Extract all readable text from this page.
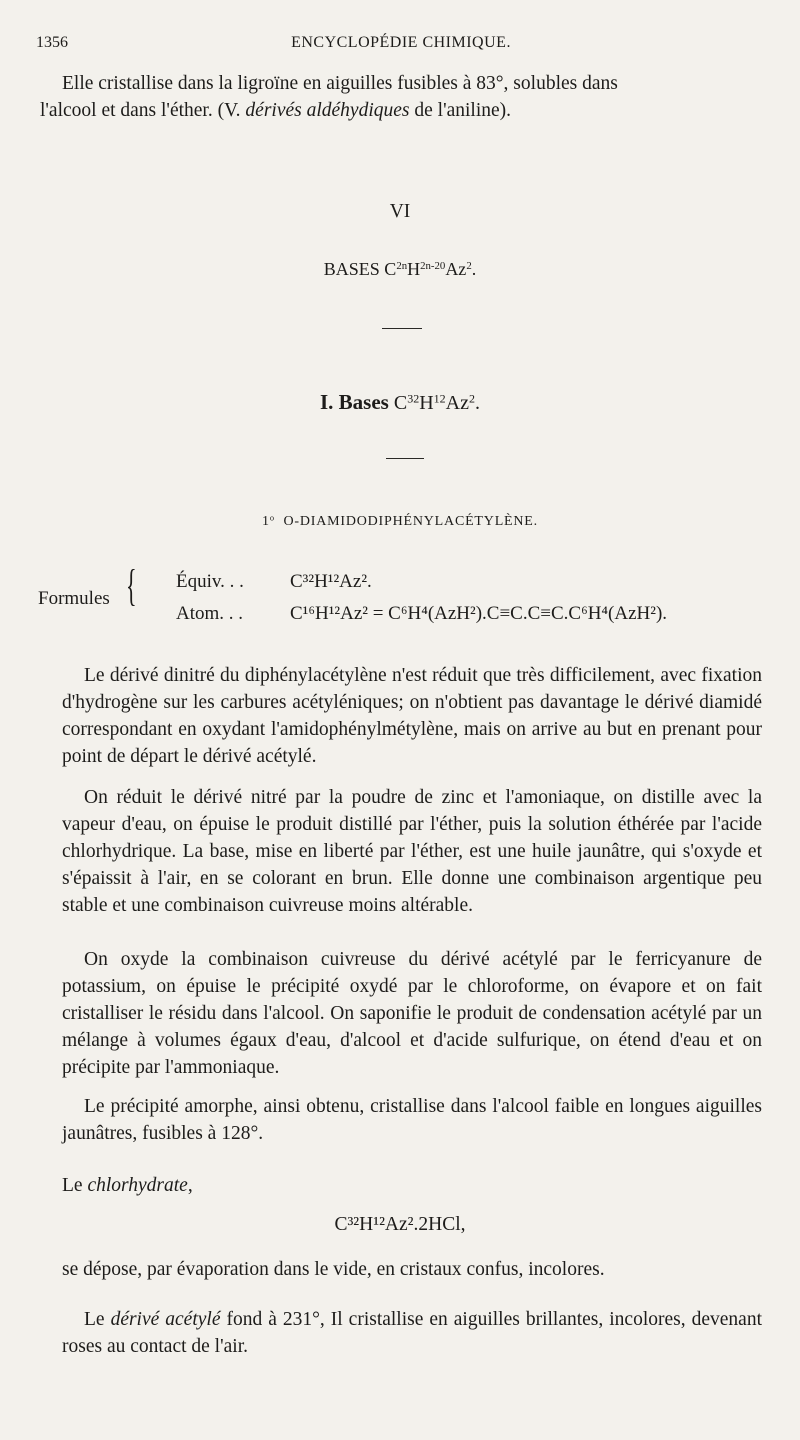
1356	ENCYCLOPÉDIE CHIMIQUE.
Elle cristallise dans la ligroïne en aiguilles fusibles à 83°, solubles dans
l'alcool et dans l'éther. (V. dérivés aldéhydiques de l'aniline).
VI
BASES $C^{2n}H^{2n-20}Az^2$.
I. Bases $C^{32}H^{12}Az^2$.
1$^o$ O-DIAMIDODIPHÉNYLACÉTYLÈNE.
Formules { Équiv. . . C³²H¹²Az².
Atom. . . C¹⁶H¹²Az² = C⁶H⁴(AzH²).C≡C.C≡C.C⁶H⁴(AzH²).
Le dérivé dinitré du diphénylacétylène n'est réduit que très difficilement, avec fixation d'hydrogène sur les carbures acétyléniques; on n'obtient pas davantage le dérivé diamidé correspondant en oxydant l'amidophénylmétylène, mais on arrive au but en prenant pour point de départ le dérivé acétylé.
On réduit le dérivé nitré par la poudre de zinc et l'amoniaque, on distille avec la vapeur d'eau, on épuise le produit distillé par l'éther, puis la solution éthérée par l'acide chlorhydrique. La base, mise en liberté par l'éther, est une huile jaunâtre, qui s'oxyde et s'épaissit à l'air, en se colorant en brun. Elle donne une combinaison argentique peu stable et une combinaison cuivreuse moins altérable.
On oxyde la combinaison cuivreuse du dérivé acétylé par le ferricyanure de potassium, on épuise le précipité oxydé par le chloroforme, on évapore et on fait cristalliser le résidu dans l'alcool. On saponifie le produit de condensation acétylé par un mélange à volumes égaux d'eau, d'alcool et d'acide sulfurique, on étend d'eau et on précipite par l'ammoniaque.
Le précipité amorphe, ainsi obtenu, cristallise dans l'alcool faible en longues aiguilles jaunâtres, fusibles à 128°.
Le chlorhydrate,
C³²H¹²Az².2HCl,
se dépose, par évaporation dans le vide, en cristaux confus, incolores.
Le dérivé acétylé fond à 231°, Il cristallise en aiguilles brillantes, incolores, devenant roses au contact de l'air.
